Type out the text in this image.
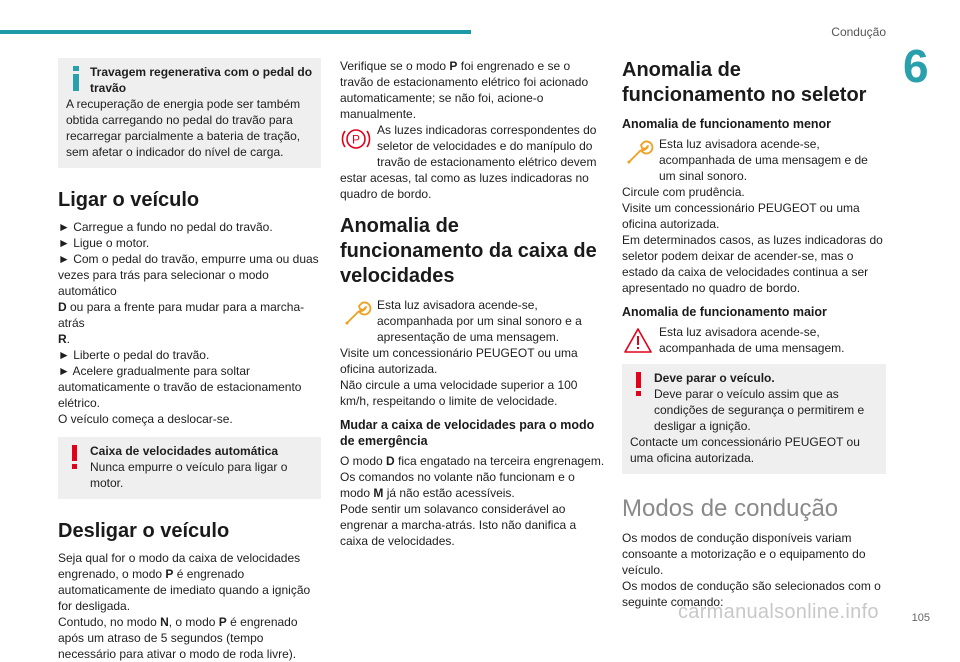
Condução
6
Travagem regenerativa com o pedal do travão

A recuperação de energia pode ser também obtida carregando no pedal do travão para recarregar parcialmente a bateria de tração, sem afetar o indicador do nível de carga.

Ligar o veículo

► Carregue a fundo no pedal do travão.

► Ligue o motor.

► Com o pedal do travão, empurre uma ou duas vezes para trás para selecionar o modo automático
D ou para a frente para mudar para a marcha-atrás
R.

► Liberte o pedal do travão.

► Acelere gradualmente para soltar automaticamente o travão de estacionamento elétrico.

O veículo começa a deslocar-se.

Caixa de velocidades automática
Nunca empurre o veículo para ligar o motor.
Desligar o veículo

Seja qual for o modo da caixa de velocidades engrenado, o modo P é engrenado automaticamente de imediato quando a ignição for desligada.
Contudo, no modo N, o modo P é engrenado após um atraso de 5 segundos (tempo necessário para ativar o modo de roda livre).

Verifique se o modo P foi engrenado e se o travão de estacionamento elétrico foi acionado automaticamente; se não foi, acione-o manualmente.

P
As luzes indicadoras correspondentes do seletor de velocidades e do manípulo do travão de estacionamento elétrico devem estar acesas, tal como as luzes indicadoras no quadro de bordo.
Anomalia de funcionamento da caixa de velocidades
Esta luz avisadora acende-se, acompanhada por um sinal sonoro e a apresentação de uma mensagem.

Visite um concessionário PEUGEOT ou uma oficina autorizada.

Não circule a uma velocidade superior a 100 km/h, respeitando o limite de velocidade.

Mudar a caixa de velocidades para o modo de emergência

O modo D fica engatado na terceira engrenagem.
Os comandos no volante não funcionam e o modo M já não estão acessíveis.
Pode sentir um solavanco considerável ao engrenar a marcha-atrás. Isto não danifica a caixa de velocidades.

Anomalia de funcionamento no seletor
Anomalia de funcionamento menor
Esta luz avisadora acende-se, acompanhada de uma mensagem e de um sinal sonoro.

Circule com prudência.

Visite um concessionário PEUGEOT ou uma oficina autorizada.

Em determinados casos, as luzes indicadoras do seletor podem deixar de acender-se, mas o estado da caixa de velocidades continua a ser apresentado no quadro de bordo.

Anomalia de funcionamento maior
Esta luz avisadora acende-se, acompanhada de uma mensagem.
Deve parar o veículo.
Deve parar o veículo assim que as condições de segurança o permitirem e desligar a ignição.

Contacte um concessionário PEUGEOT ou uma oficina autorizada.

Modos de condução

Os modos de condução disponíveis variam consoante a motorização e o equipamento do veículo.

Os modos de condução são selecionados com o seguinte comando:

carmanualsonline.info	105
